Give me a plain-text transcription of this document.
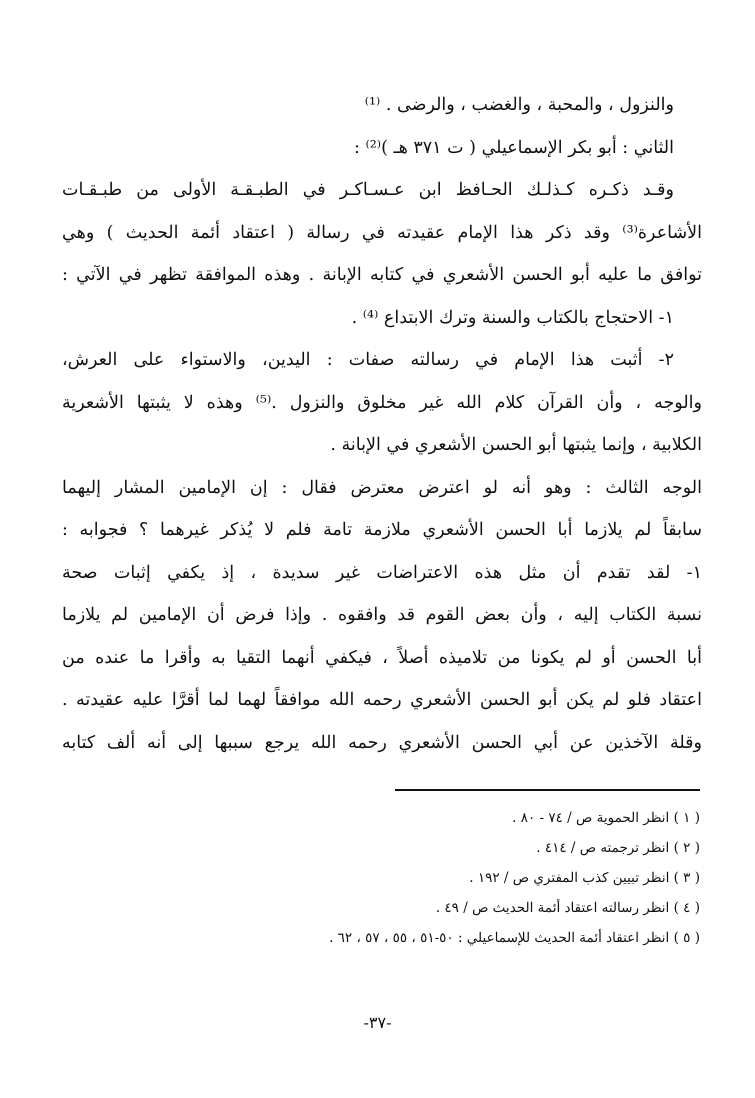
والنزول ، والمحبة ، والغضب ، والرضى . ⁽¹⁾
الثاني : أبو بكر الإسماعيلي ( ت ٣٧١ هـ )⁽²⁾ :
وقـد ذكـره كـذلـك الحـافظ ابن عـسـاكـر في الطبـقـة الأولى من طبـقـات
الأشاعرة⁽³⁾ وقد ذكر هذا الإمام عقيدته في رسالة ( اعتقاد أئمة الحديث ) وهي
توافق ما عليه أبو الحسن الأشعري في كتابه الإبانة . وهذه الموافقة تظهر في الآتي :
١- الاحتجاج بالكتاب والسنة وترك الابتداع ⁽⁴⁾ .
٢- أثبت هذا الإمام في رسالته صفات : اليدين، والاستواء على العرش،
والوجه ، وأن القرآن كلام الله غير مخلوق والنزول .⁽⁵⁾ وهذه لا يثبتها الأشعرية
الكلابية ، وإنما يثبتها أبو الحسن الأشعري في الإبانة .
الوجه الثالث : وهو أنه لو اعترض معترض فقال : إن الإمامين المشار إليهما
سابقاً لم يلازما أبا الحسن الأشعري ملازمة تامة فلم لا يُذكر غيرهما ؟ فجوابه :
١- لقد تقدم أن مثل هذه الاعتراضات غير سديدة ، إذ يكفي إثبات صحة
نسبة الكتاب إليه ، وأن بعض القوم قد وافقوه . وإذا فرض أن الإمامين لم يلازما
أبا الحسن أو لم يكونا من تلاميذه أصلاً ، فيكفي أنهما التقيا به وأقرا ما عنده من
اعتقاد فلو لم يكن أبو الحسن الأشعري رحمه الله موافقاً لهما لما أقرَّا عليه عقيدته .
وقلة الآخذين عن أبي الحسن الأشعري رحمه الله يرجع سببها إلى أنه ألف كتابه
( ١ ) انظر الحموية ص / ٧٤ - ٨٠ .
( ٢ ) انظر ترجمته ص / ٤١٤ .
( ٣ ) انظر تبيين كذب المفتري ص / ١٩٢ .
( ٤ ) انظر رسالته اعتقاد أئمة الحديث ص / ٤٩ .
( ٥ ) انظر اعتقاد أئمة الحديث للإسماعيلي : ٥٠-٥١ ، ٥٥ ، ٥٧ ، ٦٢ .
-٣٧-
